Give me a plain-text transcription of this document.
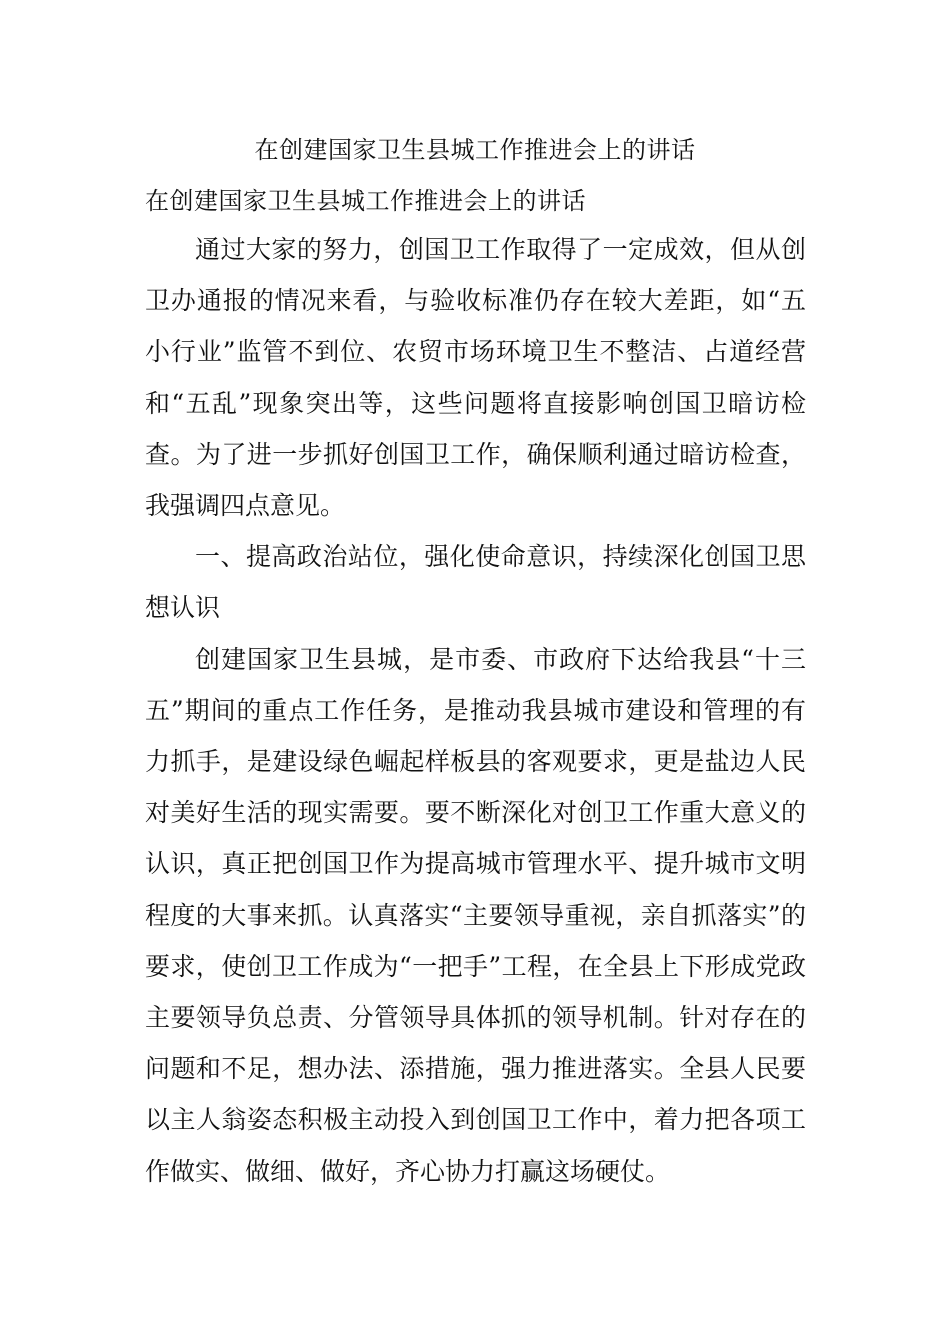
在创建国家卫生县城工作推进会上的讲话
在创建国家卫生县城工作推进会上的讲话

通过大家的努力，创国卫工作取得了一定成效，但从创卫办通报的情况来看，与验收标准仍存在较大差距，如“五小行业”监管不到位、农贸市场环境卫生不整洁、占道经营和“五乱”现象突出等，这些问题将直接影响创国卫暗访检查。为了进一步抓好创国卫工作，确保顺利通过暗访检查，我强调四点意见。

一、提高政治站位，强化使命意识，持续深化创国卫思想认识

创建国家卫生县城，是市委、市政府下达给我县“十三五”期间的重点工作任务，是推动我县城市建设和管理的有力抓手，是建设绿色崛起样板县的客观要求，更是盐边人民对美好生活的现实需要。要不断深化对创卫工作重大意义的认识，真正把创国卫作为提高城市管理水平、提升城市文明程度的大事来抓。认真落实“主要领导重视，亲自抓落实”的要求，使创卫工作成为“一把手”工程，在全县上下形成党政主要领导负总责、分管领导具体抓的领导机制。针对存在的问题和不足，想办法、添措施，强力推进落实。全县人民要以主人翁姿态积极主动投入到创国卫工作中，着力把各项工作做实、做细、做好，齐心协力打赢这场硬仗。
